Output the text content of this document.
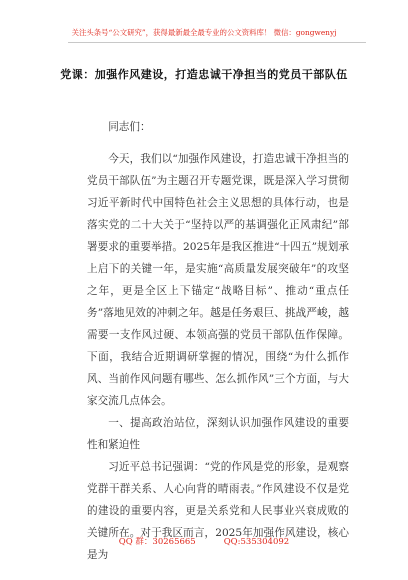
关注头条号“公文研究”，获得最新最全最专业的公文资料库！ 微信：gongwenyj
党课：加强作风建设，打造忠诚干净担当的党员干部队伍

同志们：

今天，我们以“加强作风建设，打造忠诚干净担当的党员干部队伍”为主题召开专题党课，既是深入学习贯彻习近平新时代中国特色社会主义思想的具体行动，也是落实党的二十大关于“坚持以严的基调强化正风肃纪”部署要求的重要举措。2025年是我区推进“十四五”规划承上启下的关键一年，是实施“高质量发展突破年”的攻坚之年，更是全区上下锚定“战略目标”、推动“重点任务”落地见效的冲刺之年。越是任务艰巨、挑战严峻，越需要一支作风过硬、本领高强的党员干部队伍作保障。下面，我结合近期调研掌握的情况，围绕“为什么抓作风、当前作风问题有哪些、怎么抓作风”三个方面，与大家交流几点体会。

一、提高政治站位，深刻认识加强作风建设的重要性和紧迫性

习近平总书记强调：“党的作风是党的形象，是观察党群干群关系、人心向背的晴雨表。”作风建设不仅是党的建设的重要内容，更是关系党和人民事业兴衰成败的关键所在。对于我区而言，2025年加强作风建设，核心是为

QQ 群：30265665	QQ:535304092
